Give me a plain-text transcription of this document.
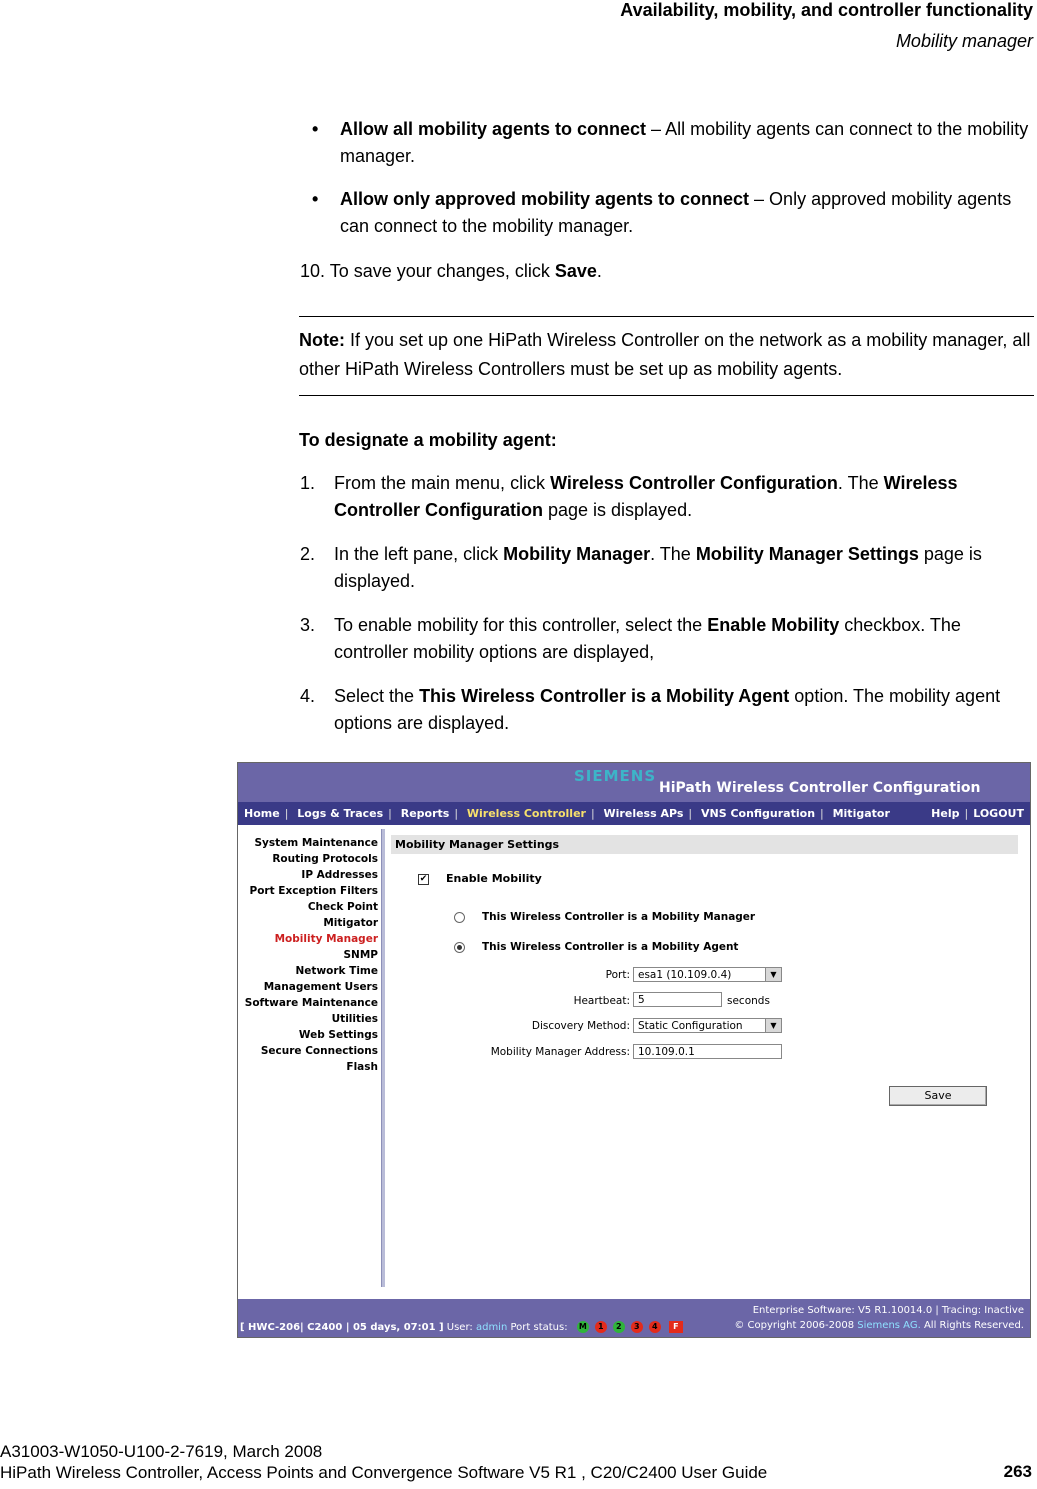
Availability, mobility, and controller functionality
Mobility manager
• Allow all mobility agents to connect – All mobility agents can connect to the mobility manager.
• Allow only approved mobility agents to connect – Only approved mobility agents can connect to the mobility manager.
10. To save your changes, click Save.
Note: If you set up one HiPath Wireless Controller on the network as a mobility manager, all other HiPath Wireless Controllers must be set up as mobility agents.
To designate a mobility agent:
1. From the main menu, click Wireless Controller Configuration. The Wireless Controller Configuration page is displayed.
2. In the left pane, click Mobility Manager. The Mobility Manager Settings page is displayed.
3. To enable mobility for this controller, select the Enable Mobility checkbox. The controller mobility options are displayed,
4. Select the This Wireless Controller is a Mobility Agent option. The mobility agent options are displayed.
SIEMENS
HiPath Wireless Controller Configuration
Home | Logs & Traces | Reports | Wireless Controller | Wireless APs | VNS Configuration | Mitigator	Help | LOGOUT
System Maintenance
Routing Protocols
IP Addresses
Port Exception Filters
Check Point
Mitigator
Mobility Manager
SNMP
Network Time
Management Users
Software Maintenance
Utilities
Web Settings
Secure Connections
Flash
Mobility Manager Settings
✔ Enable Mobility
This Wireless Controller is a Mobility Manager
This Wireless Controller is a Mobility Agent
Port: esa1 (10.109.0.4)	▼
Heartbeat: 5	seconds
Discovery Method: Static Configuration	▼
Mobility Manager Address: 10.109.0.1
Save
[ HWC-206| C2400 | 05 days, 07:01 ] User: admin Port status: M 1 2 3 4 F
Enterprise Software: V5 R1.10014.0 | Tracing: Inactive
© Copyright 2006-2008 Siemens AG. All Rights Reserved.
A31003-W1050-U100-2-7619, March 2008
HiPath Wireless Controller, Access Points and Convergence Software V5 R1 , C20/C2400 User Guide	263
